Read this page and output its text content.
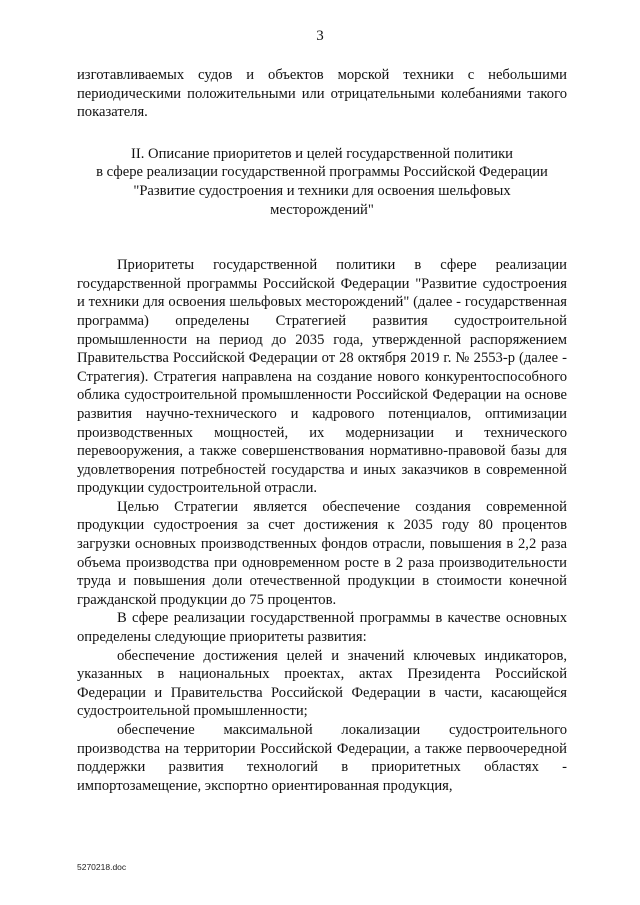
3

изготавливаемых судов и объектов морской техники с небольшими периодическими положительными или отрицательными колебаниями такого показателя.

II. Описание приоритетов и целей государственной политики
в сфере реализации государственной программы Российской Федерации
"Развитие судостроения и техники для освоения шельфовых
месторождений"

Приоритеты государственной политики в сфере реализации государственной программы Российской Федерации "Развитие судостроения и техники для освоения шельфовых месторождений" (далее - государственная программа) определены Стратегией развития судостроительной промышленности на период до 2035 года, утвержденной распоряжением Правительства Российской Федерации от 28 октября 2019 г. № 2553-р (далее - Стратегия). Стратегия направлена на создание нового конкурентоспособного облика судостроительной промышленности Российской Федерации на основе развития научно-технического и кадрового потенциалов, оптимизации производственных мощностей, их модернизации и технического перевооружения, а также совершенствования нормативно-правовой базы для удовлетворения потребностей государства и иных заказчиков в современной продукции судостроительной отрасли.

Целью Стратегии является обеспечение создания современной продукции судостроения за счет достижения к 2035 году 80 процентов загрузки основных производственных фондов отрасли, повышения в 2,2 раза объема производства при одновременном росте в 2 раза производительности труда и повышения доли отечественной продукции в стоимости конечной гражданской продукции до 75 процентов.

В сфере реализации государственной программы в качестве основных определены следующие приоритеты развития:

обеспечение достижения целей и значений ключевых индикаторов, указанных в национальных проектах, актах Президента Российской Федерации и Правительства Российской Федерации в части, касающейся судостроительной промышленности;

обеспечение максимальной локализации судостроительного производства на территории Российской Федерации, а также первоочередной поддержки развития технологий в приоритетных областях - импортозамещение, экспортно ориентированная продукция,

5270218.doc
